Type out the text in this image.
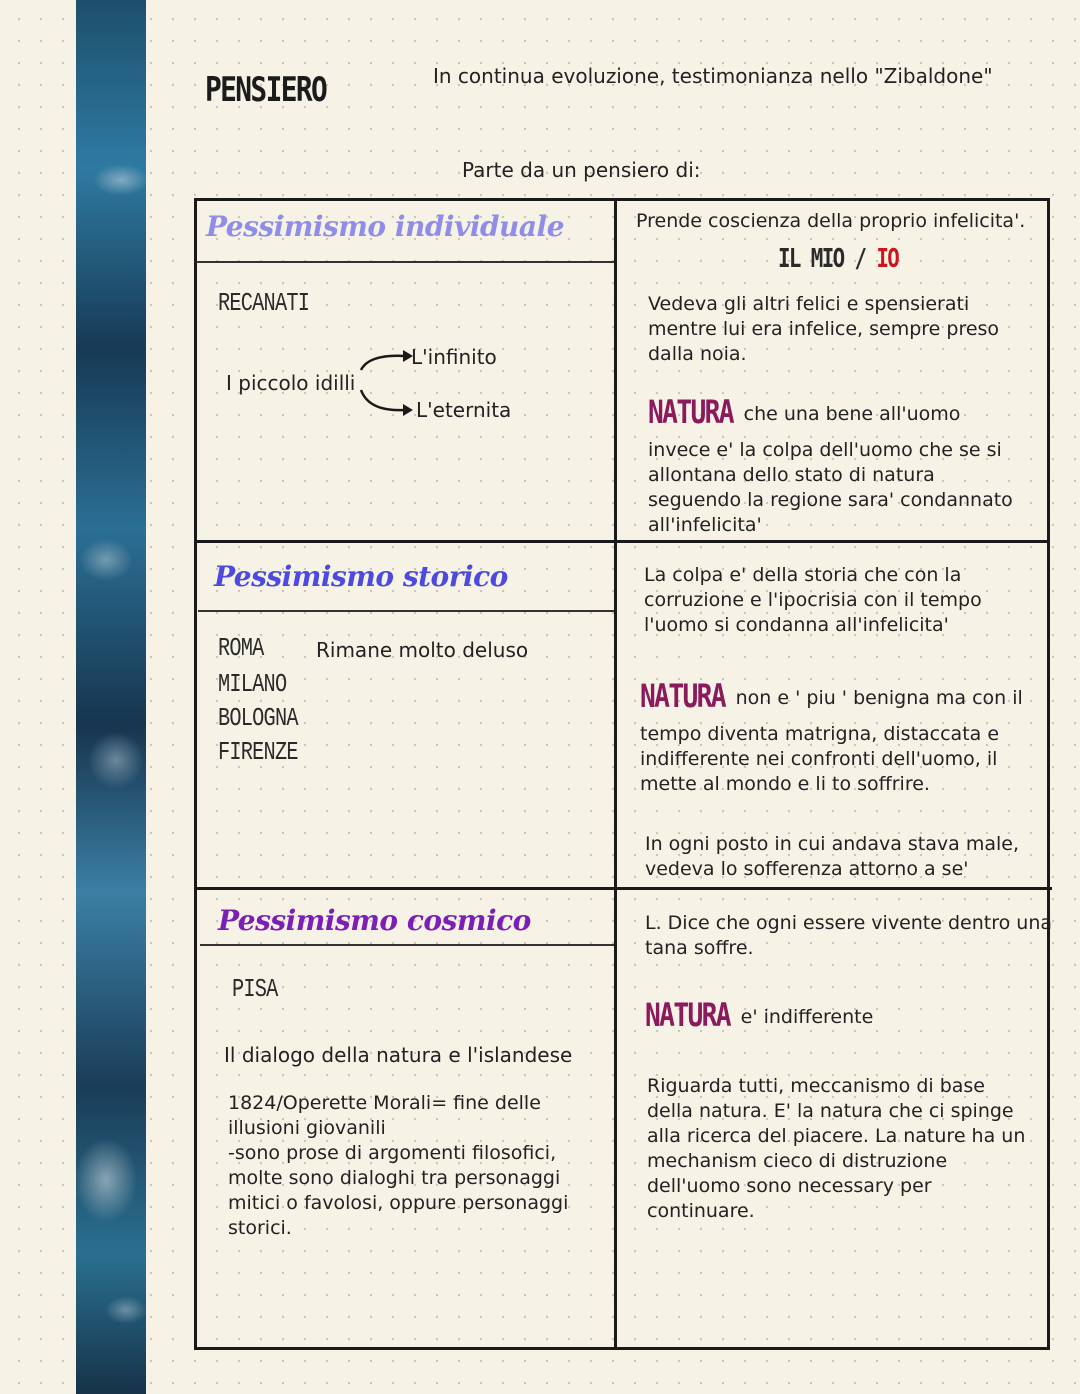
PENSIERO	In continua evoluzione, testimonianza nello "Zibaldone"
Parte da un pensiero di:
Pessimismo individuale
RECANATI
I piccolo idilli
L'infinito
L'eternita
Prende coscienza della proprio infelicita'.
IL MIO / IO
Vedeva gli altri felici e spensierati
mentre lui era infelice, sempre preso
dalla noia.
NATURA che una bene all'uomo
invece e' la colpa dell'uomo che se si
allontana dello stato di natura
seguendo la regione sara' condannato
all'infelicita'
Pessimismo storico
ROMA
MILANO
BOLOGNA
FIRENZE
Rimane molto deluso
La colpa e' della storia che con la
corruzione e l'ipocrisia con il tempo
l'uomo si condanna all'infelicita'
NATURA non e ' piu ' benigna ma con il
tempo diventa matrigna, distaccata e
indifferente nei confronti dell'uomo, il
mette al mondo e li to soffrire.
In ogni posto in cui andava stava male,
vedeva lo sofferenza attorno a se'
Pessimismo cosmico
PISA
Il dialogo della natura e l'islandese
1824/Operette Morali= fine delle
illusioni giovanili
-sono prose di argomenti filosofici,
molte sono dialoghi tra personaggi
mitici o favolosi, oppure personaggi
storici.
L. Dice che ogni essere vivente dentro una
tana soffre.
NATURA e' indifferente
Riguarda tutti, meccanismo di base
della natura. E' la natura che ci spinge
alla ricerca del piacere. La nature ha un
mechanism cieco di distruzione
dell'uomo sono necessary per
continuare.
